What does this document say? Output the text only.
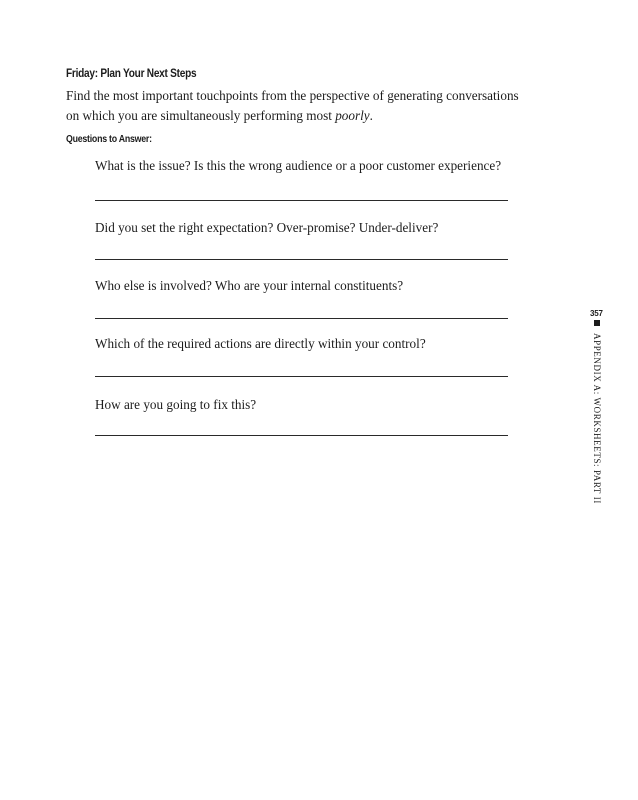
Friday: Plan Your Next Steps
Find the most important touchpoints from the perspective of generating conversations on which you are simultaneously performing most poorly.
Questions to Answer:
What is the issue? Is this the wrong audience or a poor customer experience?
Did you set the right expectation? Over-promise? Under-deliver?
Who else is involved? Who are your internal constituents?
Which of the required actions are directly within your control?
How are you going to fix this?
357
APPENDIX A: WORKSHEETS: PART II
